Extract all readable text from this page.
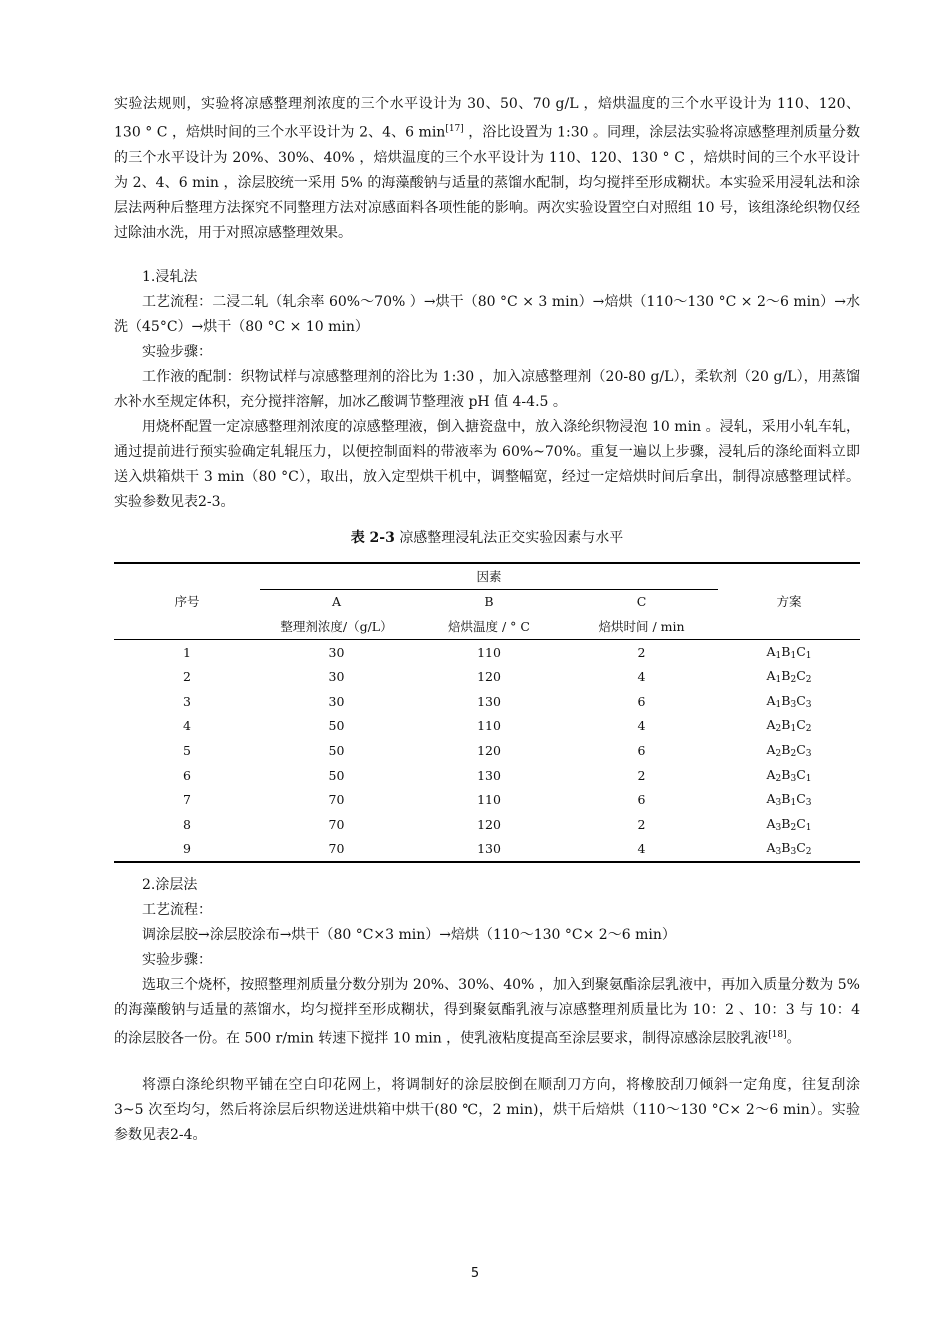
实验法规则，实验将凉感整理剂浓度的三个水平设计为 30、50、70 g/L ，焙烘温度的三个水平设计为 110、120、130 ° C ，焙烘时间的三个水平设计为 2、4、6 min[17] ，浴比设置为 1:30 。同理，涂层法实验将凉感整理剂质量分数的三个水平设计为 20%、30%、40% ，焙烘温度的三个水平设计为 110、120、130 ° C ，焙烘时间的三个水平设计为 2、4、6 min ，涂层胶统一采用 5% 的海藻酸钠与适量的蒸馏水配制，均匀搅拌至形成糊状。本实验采用浸轧法和涂层法两种后整理方法探究不同整理方法对凉感面料各项性能的影响。两次实验设置空白对照组 10 号，该组涤纶织物仅经过除油水洗，用于对照凉感整理效果。

1.浸轧法

工艺流程：二浸二轧（轧余率 60%～70% ）→烘干（80 °C × 3 min）→焙烘（110～130 °C × 2～6 min）→水洗（45°C）→烘干（80 °C × 10 min）

实验步骤：

工作液的配制：织物试样与凉感整理剂的浴比为 1:30 ，加入凉感整理剂（20-80 g/L），柔软剂（20 g/L），用蒸馏水补水至规定体积，充分搅拌溶解，加冰乙酸调节整理液 pH 值 4-4.5 。

用烧杯配置一定凉感整理剂浓度的凉感整理液，倒入搪瓷盘中，放入涤纶织物浸泡 10 min 。浸轧，采用小轧车轧，通过提前进行预实验确定轧辊压力，以便控制面料的带液率为 60%~70%。重复一遍以上步骤，浸轧后的涤纶面料立即送入烘箱烘干 3 min（80 °C），取出，放入定型烘干机中，调整幅宽，经过一定焙烘时间后拿出，制得凉感整理试样。实验参数见表2-3。

表 2-3 凉感整理浸轧法正交实验因素与水平
序号	因素			方案
	A	B	C	
	整理剂浓度/（g/L）	焙烘温度 / ° C	焙烘时间 / min	
1	30	110	2	$A_1B_1C_1$
2	30	120	4	$A_1B_2C_2$
3	30	130	6	$A_1B_3C_3$
4	50	110	4	$A_2B_1C_2$
5	50	120	6	$A_2B_2C_3$
6	50	130	2	$A_2B_3C_1$
7	70	110	6	$A_3B_1C_3$
8	70	120	2	$A_3B_2C_1$
9	70	130	4	$A_3B_3C_2$

2.涂层法

工艺流程：

调涂层胶→涂层胶涂布→烘干（80 °C×3 min）→焙烘（110～130 °C× 2～6 min）

实验步骤：

选取三个烧杯，按照整理剂质量分数分别为 20%、30%、40% ，加入到聚氨酯涂层乳液中，再加入质量分数为 5% 的海藻酸钠与适量的蒸馏水，均匀搅拌至形成糊状，得到聚氨酯乳液与凉感整理剂质量比为 10：2 、10：3 与 10：4 的涂层胶各一份。在 500 r/min 转速下搅拌 10 min ，使乳液粘度提高至涂层要求，制得凉感涂层胶乳液[18]。

将漂白涤纶织物平铺在空白印花网上，将调制好的涂层胶倒在顺刮刀方向，将橡胶刮刀倾斜一定角度，往复刮涂 3~5 次至均匀，然后将涂层后织物送进烘箱中烘干(80 ℃，2 min)，烘干后焙烘（110～130 °C× 2～6 min）。实验参数见表2-4。

5
